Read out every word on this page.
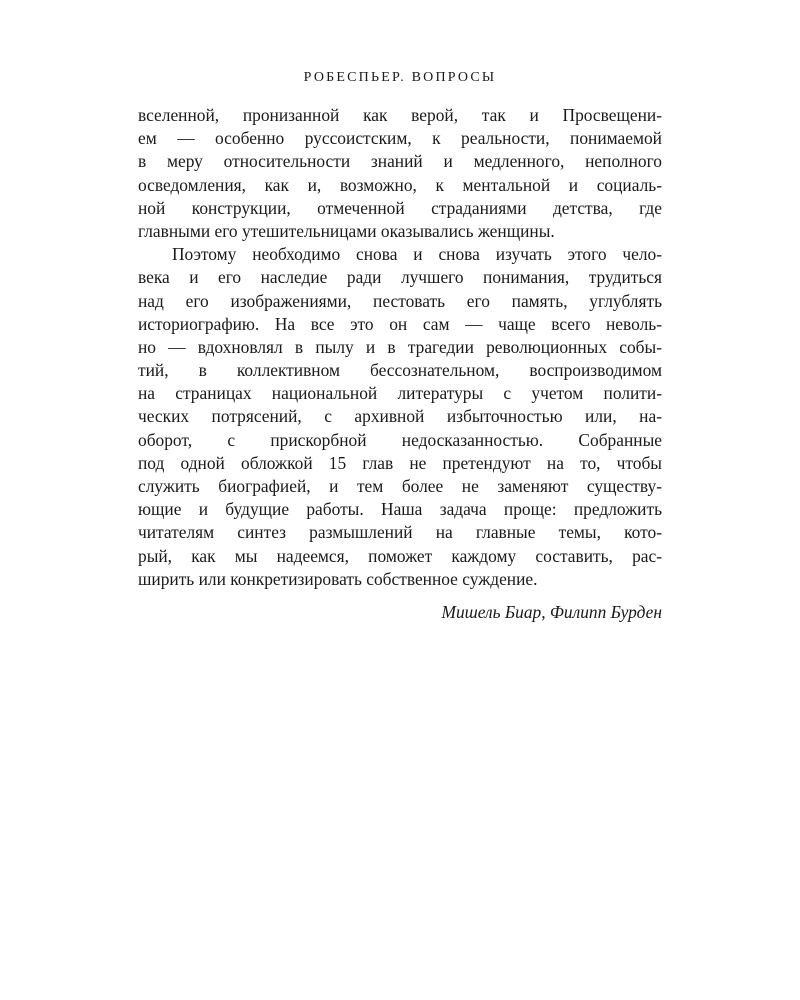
РОБЕСПЬЕР. ВОПРОСЫ
вселенной, пронизанной как верой, так и Просвещени-
ем — особенно руссоистским, к реальности, понимаемой
в меру относительности знаний и медленного, неполного
осведомления, как и, возможно, к ментальной и социаль-
ной конструкции, отмеченной страданиями детства, где
главными его утешительницами оказывались женщины.
Поэтому необходимо снова и снова изучать этого чело-
века и его наследие ради лучшего понимания, трудиться
над его изображениями, пестовать его память, углублять
историографию. На все это он сам — чаще всего неволь-
но — вдохновлял в пылу и в трагедии революционных собы-
тий, в коллективном бессознательном, воспроизводимом
на страницах национальной литературы с учетом полити-
ческих потрясений, с архивной избыточностью или, на-
оборот, с прискорбной недосказанностью. Собранные
под одной обложкой 15 глав не претендуют на то, чтобы
служить биографией, и тем более не заменяют существу-
ющие и будущие работы. Наша задача проще: предложить
читателям синтез размышлений на главные темы, кото-
рый, как мы надеемся, поможет каждому составить, рас-
ширить или конкретизировать собственное суждение.
Мишель Биар, Филипп Бурден
